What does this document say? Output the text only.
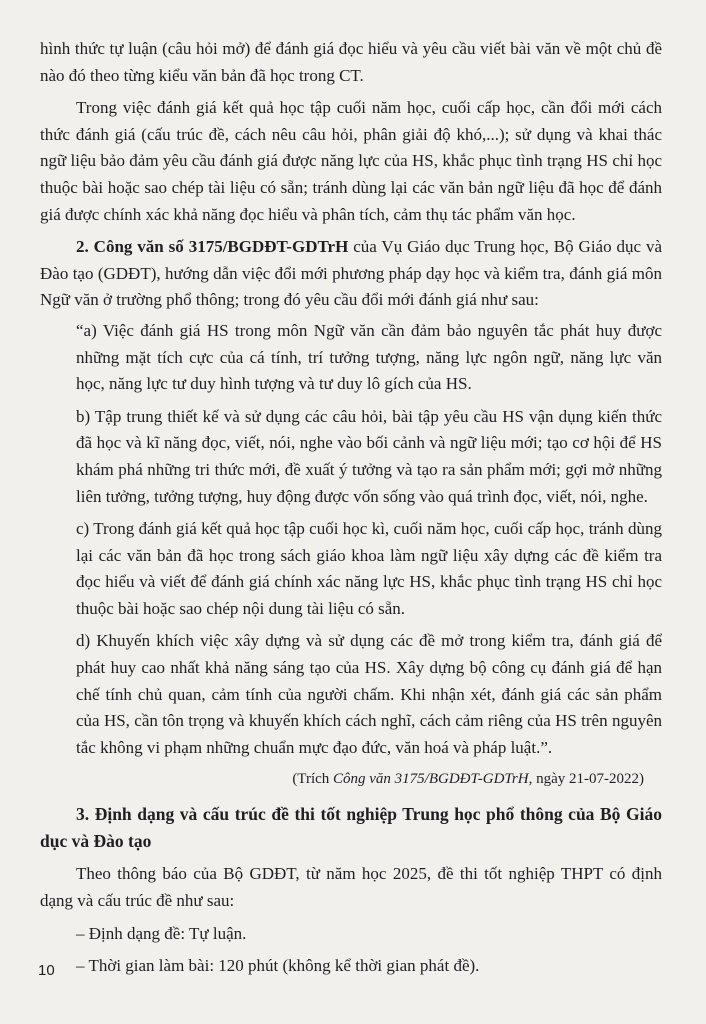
hình thức tự luận (câu hỏi mở) để đánh giá đọc hiểu và yêu cầu viết bài văn về một chủ đề nào đó theo từng kiểu văn bản đã học trong CT.

Trong việc đánh giá kết quả học tập cuối năm học, cuối cấp học, cần đổi mới cách thức đánh giá (cấu trúc đề, cách nêu câu hỏi, phân giải độ khó,...); sử dụng và khai thác ngữ liệu bảo đảm yêu cầu đánh giá được năng lực của HS, khắc phục tình trạng HS chỉ học thuộc bài hoặc sao chép tài liệu có sẵn; tránh dùng lại các văn bản ngữ liệu đã học để đánh giá được chính xác khả năng đọc hiểu và phân tích, cảm thụ tác phẩm văn học.

2. Công văn số 3175/BGDĐT-GDTrH của Vụ Giáo dục Trung học, Bộ Giáo dục và Đào tạo (GDĐT), hướng dẫn việc đổi mới phương pháp dạy học và kiểm tra, đánh giá môn Ngữ văn ở trường phổ thông; trong đó yêu cầu đổi mới đánh giá như sau:

“a) Việc đánh giá HS trong môn Ngữ văn cần đảm bảo nguyên tắc phát huy được những mặt tích cực của cá tính, trí tưởng tượng, năng lực ngôn ngữ, năng lực văn học, năng lực tư duy hình tượng và tư duy lô gích của HS.

b) Tập trung thiết kế và sử dụng các câu hỏi, bài tập yêu cầu HS vận dụng kiến thức đã học và kĩ năng đọc, viết, nói, nghe vào bối cảnh và ngữ liệu mới; tạo cơ hội để HS khám phá những tri thức mới, đề xuất ý tưởng và tạo ra sản phẩm mới; gợi mở những liên tưởng, tưởng tượng, huy động được vốn sống vào quá trình đọc, viết, nói, nghe.

c) Trong đánh giá kết quả học tập cuối học kì, cuối năm học, cuối cấp học, tránh dùng lại các văn bản đã học trong sách giáo khoa làm ngữ liệu xây dựng các đề kiểm tra đọc hiểu và viết để đánh giá chính xác năng lực HS, khắc phục tình trạng HS chỉ học thuộc bài hoặc sao chép nội dung tài liệu có sẵn.

d) Khuyến khích việc xây dựng và sử dụng các đề mở trong kiểm tra, đánh giá để phát huy cao nhất khả năng sáng tạo của HS. Xây dựng bộ công cụ đánh giá để hạn chế tính chủ quan, cảm tính của người chấm. Khi nhận xét, đánh giá các sản phẩm của HS, cần tôn trọng và khuyến khích cách nghĩ, cách cảm riêng của HS trên nguyên tắc không vi phạm những chuẩn mực đạo đức, văn hoá và pháp luật.”.

(Trích Công văn 3175/BGDĐT-GDTrH, ngày 21-07-2022)

3. Định dạng và cấu trúc đề thi tốt nghiệp Trung học phổ thông của Bộ Giáo dục và Đào tạo

Theo thông báo của Bộ GDĐT, từ năm học 2025, đề thi tốt nghiệp THPT có định dạng và cấu trúc đề như sau:

– Định dạng đề: Tự luận.

– Thời gian làm bài: 120 phút (không kể thời gian phát đề).

10
